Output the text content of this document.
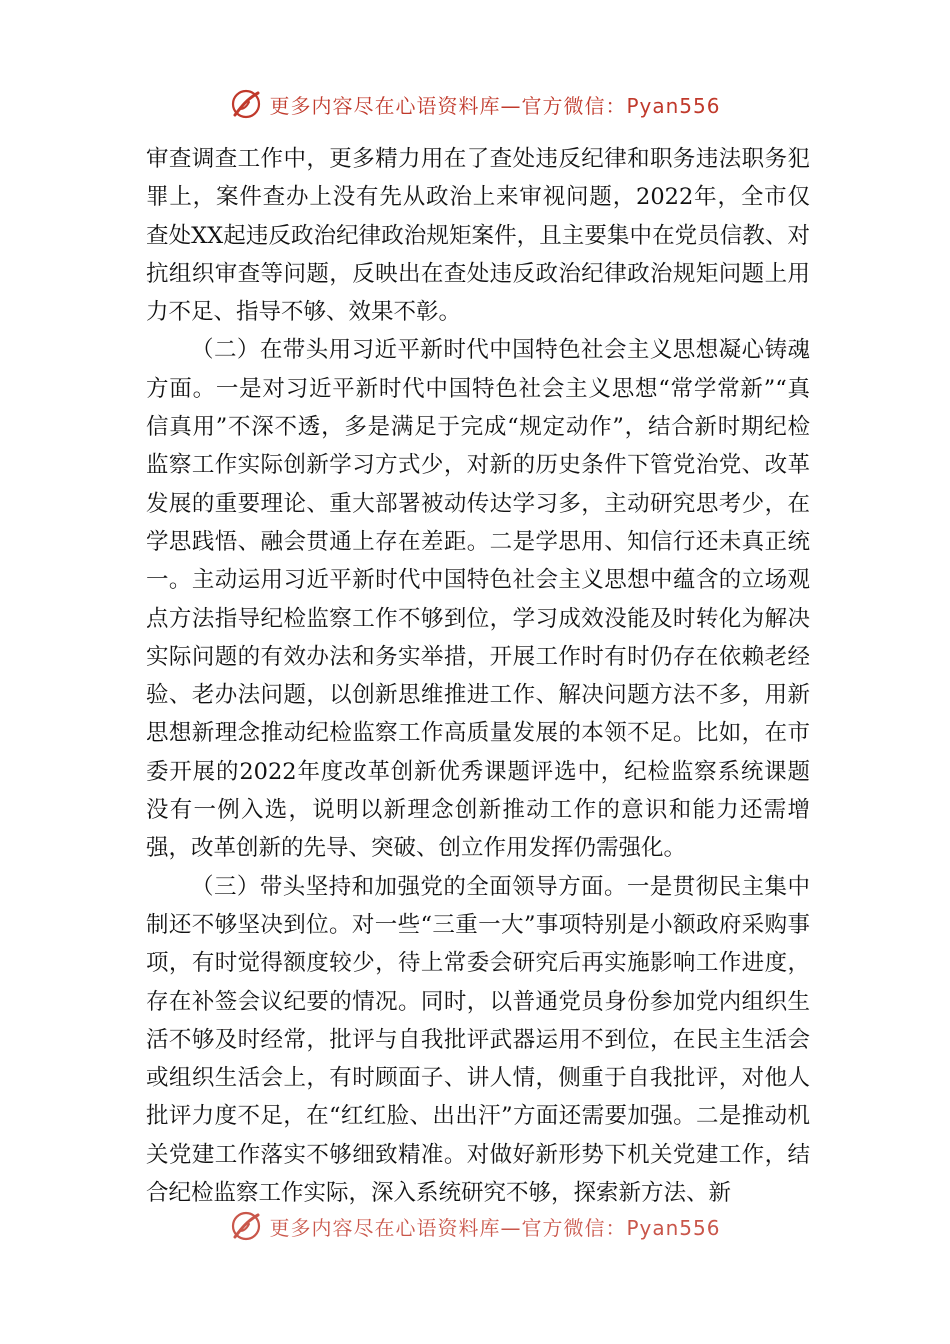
更多内容尽在心语资料库—官方微信：Pyan556

审查调查工作中，更多精力用在了查处违反纪律和职务违法职务犯罪上，案件查办上没有先从政治上来审视问题，2022年，全市仅查处XX起违反政治纪律政治规矩案件，且主要集中在党员信教、对抗组织审查等问题，反映出在查处违反政治纪律政治规矩问题上用力不足、指导不够、效果不彰。

（二）在带头用习近平新时代中国特色社会主义思想凝心铸魂方面。一是对习近平新时代中国特色社会主义思想“常学常新”“真信真用”不深不透，多是满足于完成“规定动作”，结合新时期纪检监察工作实际创新学习方式少，对新的历史条件下管党治党、改革发展的重要理论、重大部署被动传达学习多，主动研究思考少，在学思践悟、融会贯通上存在差距。二是学思用、知信行还未真正统一。主动运用习近平新时代中国特色社会主义思想中蕴含的立场观点方法指导纪检监察工作不够到位，学习成效没能及时转化为解决实际问题的有效办法和务实举措，开展工作时有时仍存在依赖老经验、老办法问题，以创新思维推进工作、解决问题方法不多，用新思想新理念推动纪检监察工作高质量发展的本领不足。比如，在市委开展的2022年度改革创新优秀课题评选中，纪检监察系统课题没有一例入选，说明以新理念创新推动工作的意识和能力还需增强，改革创新的先导、突破、创立作用发挥仍需强化。

（三）带头坚持和加强党的全面领导方面。一是贯彻民主集中制还不够坚决到位。对一些“三重一大”事项特别是小额政府采购事项，有时觉得额度较少，待上常委会研究后再实施影响工作进度，存在补签会议纪要的情况。同时，以普通党员身份参加党内组织生活不够及时经常，批评与自我批评武器运用不到位，在民主生活会或组织生活会上，有时顾面子、讲人情，侧重于自我批评，对他人批评力度不足，在“红红脸、出出汗”方面还需要加强。二是推动机关党建工作落实不够细致精准。对做好新形势下机关党建工作，结合纪检监察工作实际，深入系统研究不够，探索新方法、新

更多内容尽在心语资料库—官方微信：Pyan556
